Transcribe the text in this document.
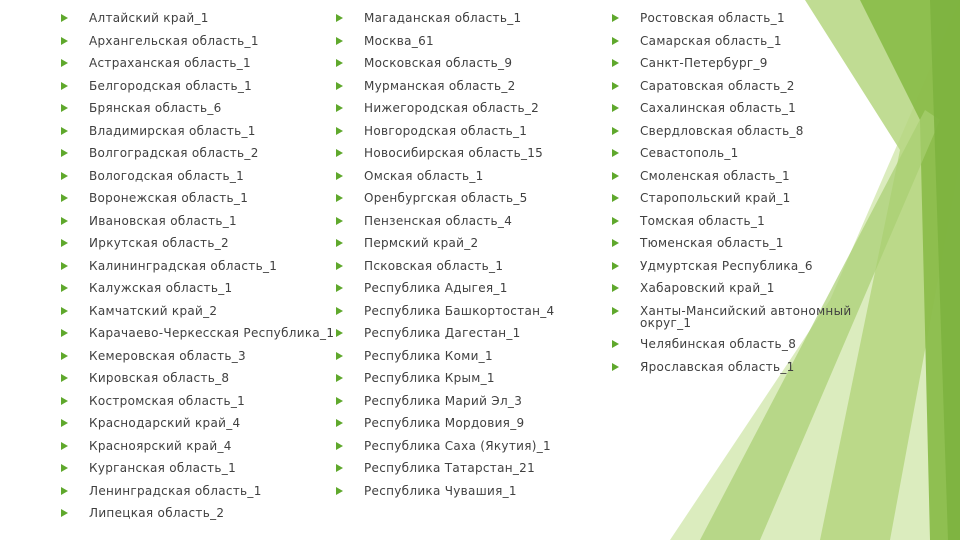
Алтайский край_1
Архангельская область_1
Астраханская область_1
Белгородская область_1
Брянская область_6
Владимирская область_1
Волгоградская область_2
Вологодская область_1
Воронежская область_1
Ивановская область_1
Иркутская область_2
Калининградская область_1
Калужская область_1
Камчатский край_2
Карачаево-Черкесская Республика_1
Кемеровская область_3
Кировская область_8
Костромская область_1
Краснодарский край_4
Красноярский край_4
Курганская область_1
Ленинградская область_1
Липецкая область_2
Магаданская область_1
Москва_61
Московская область_9
Мурманская область_2
Нижегородская область_2
Новгородская область_1
Новосибирская область_15
Омская область_1
Оренбургская область_5
Пензенская область_4
Пермский край_2
Псковская область_1
Республика Адыгея_1
Республика Башкортостан_4
Республика Дагестан_1
Республика Коми_1
Республика Крым_1
Республика Марий Эл_3
Республика Мордовия_9
Республика Саха (Якутия)_1
Республика Татарстан_21
Республика Чувашия_1
Ростовская область_1
Самарская область_1
Санкт-Петербург_9
Саратовская область_2
Сахалинская область_1
Свердловская область_8
Севастополь_1
Смоленская область_1
Старопольский край_1
Томская область_1
Тюменская область_1
Удмуртская Республика_6
Хабаровский край_1
Ханты-Мансийский автономный округ_1
Челябинская область_8
Ярославская область_1
